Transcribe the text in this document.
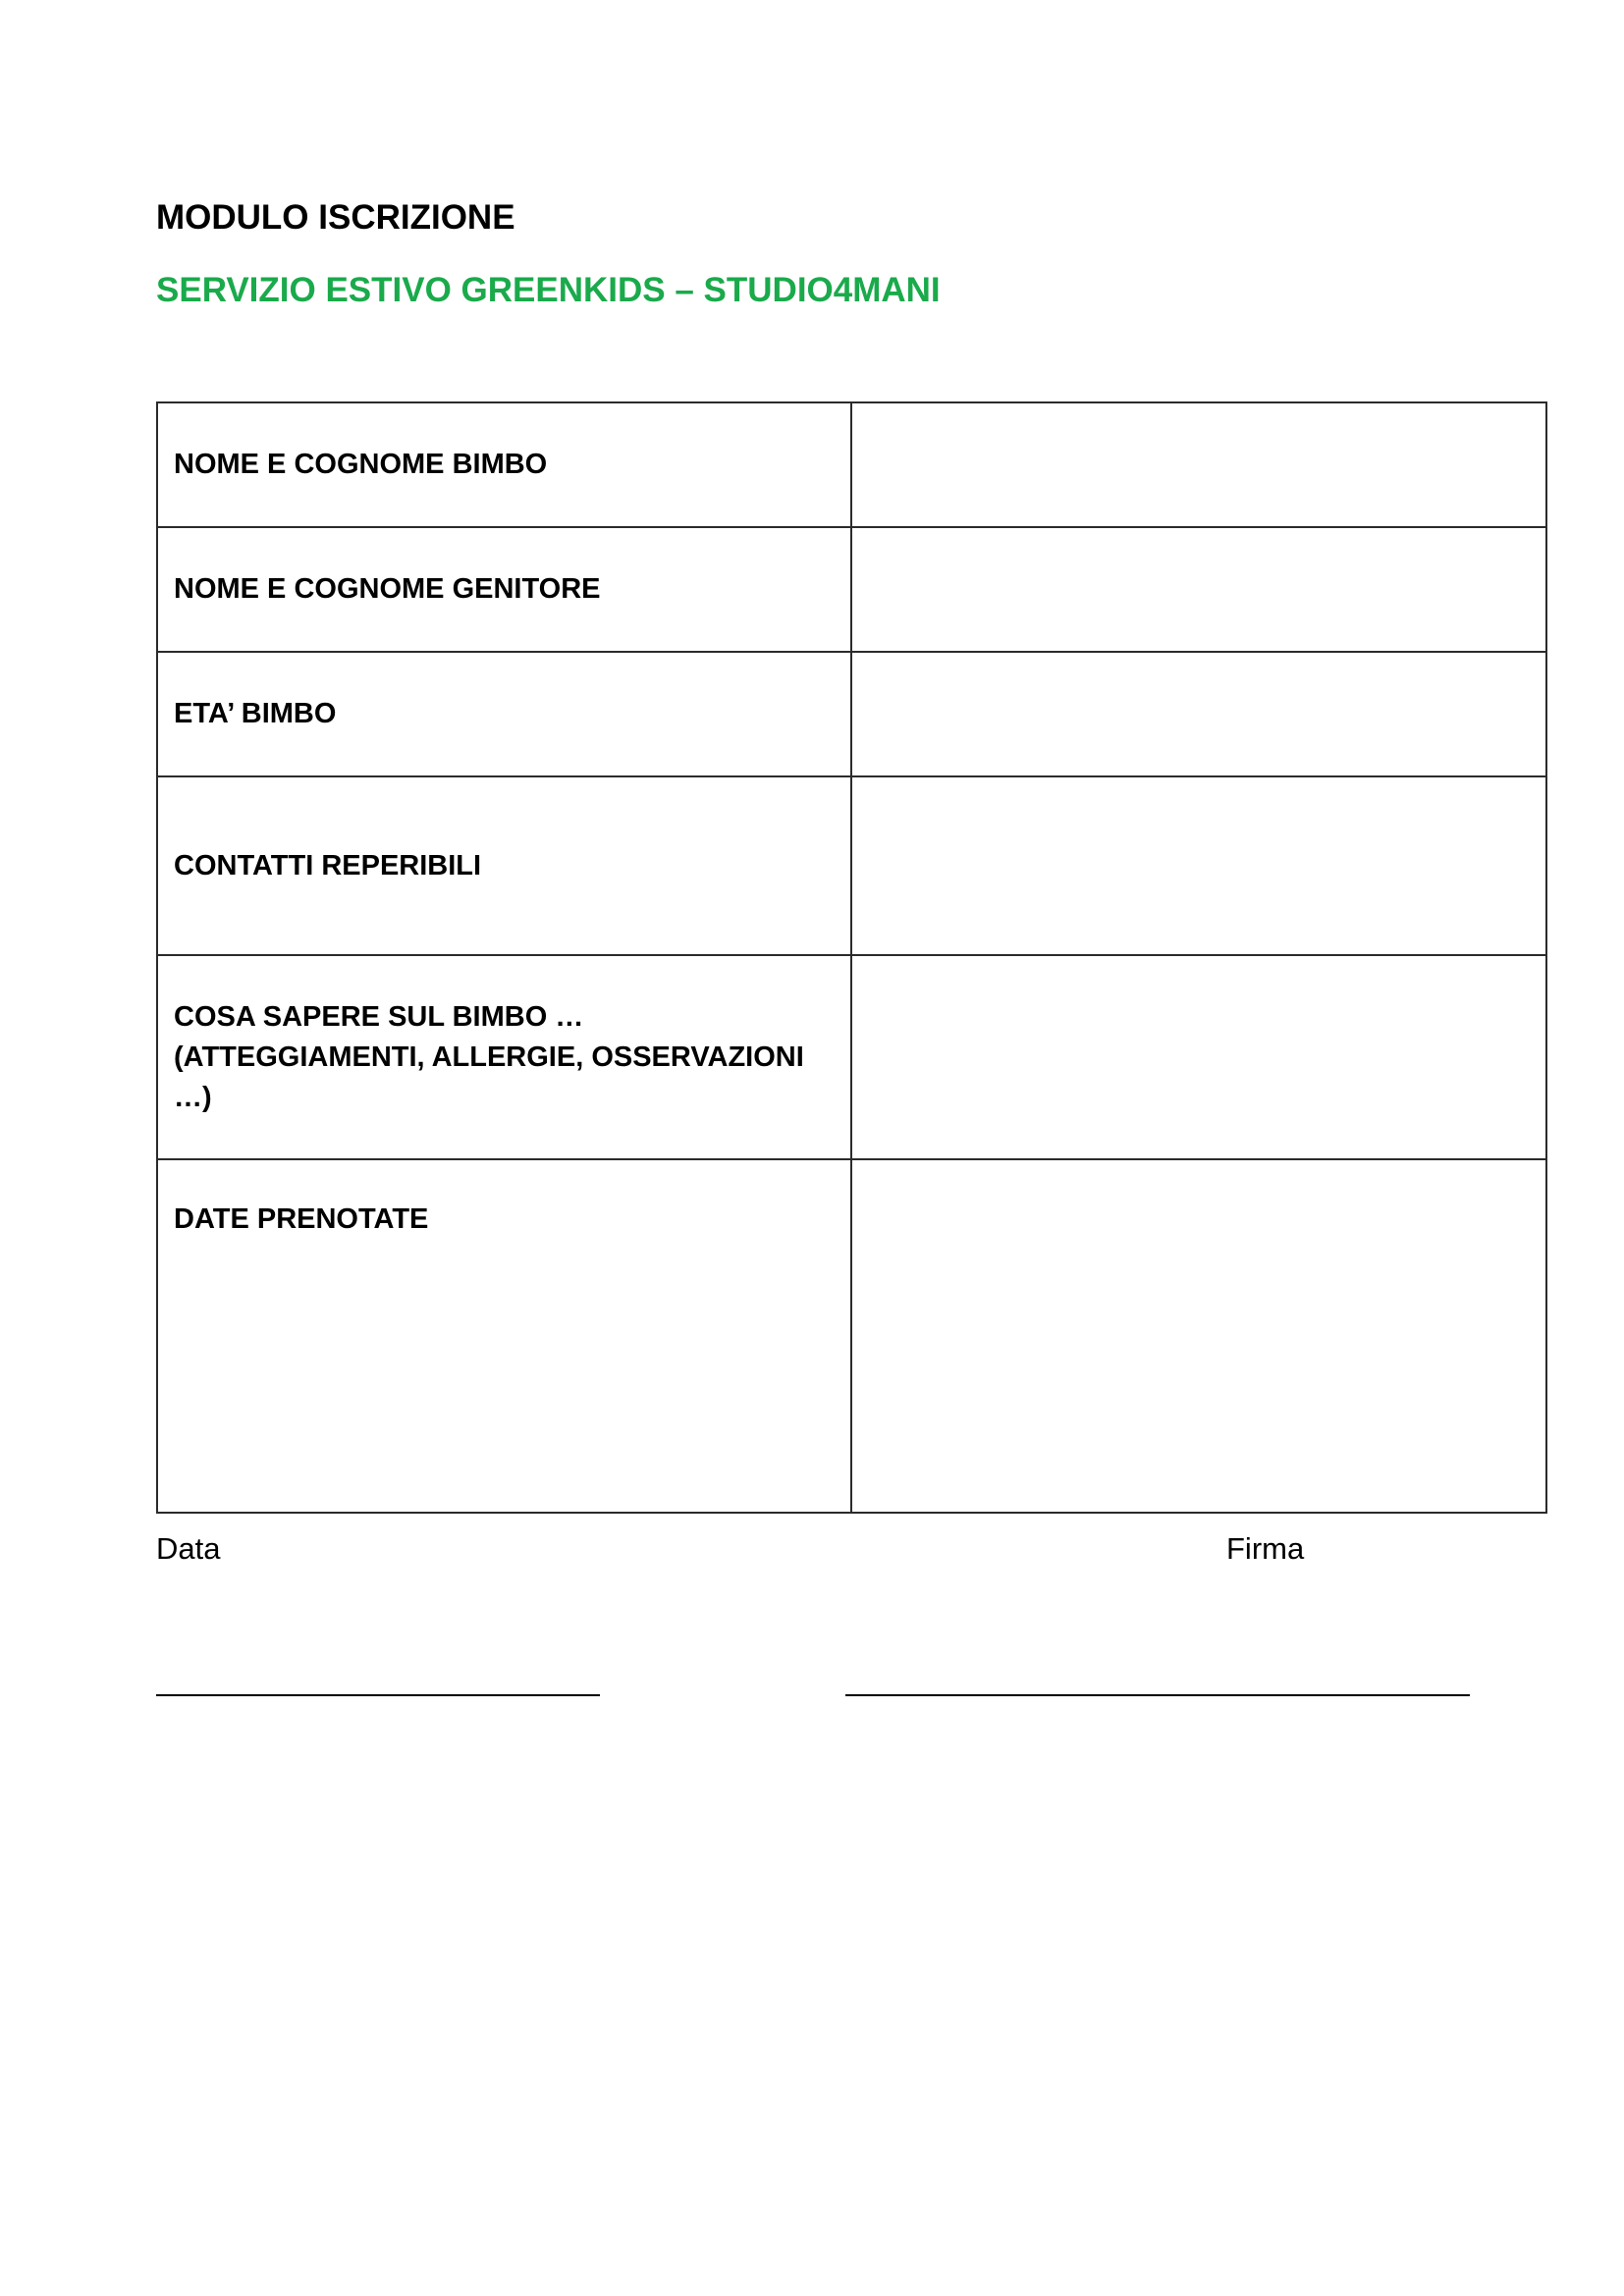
MODULO ISCRIZIONE
SERVIZIO ESTIVO GREENKIDS – STUDIO4MANI
NOME E COGNOME BIMBO	
NOME E COGNOME GENITORE	
ETA’ BIMBO	
CONTATTI REPERIBILI	
COSA SAPERE SUL BIMBO … (ATTEGGIAMENTI, ALLERGIE, OSSERVAZIONI …)	
DATE PRENOTATE	
Data	Firma
